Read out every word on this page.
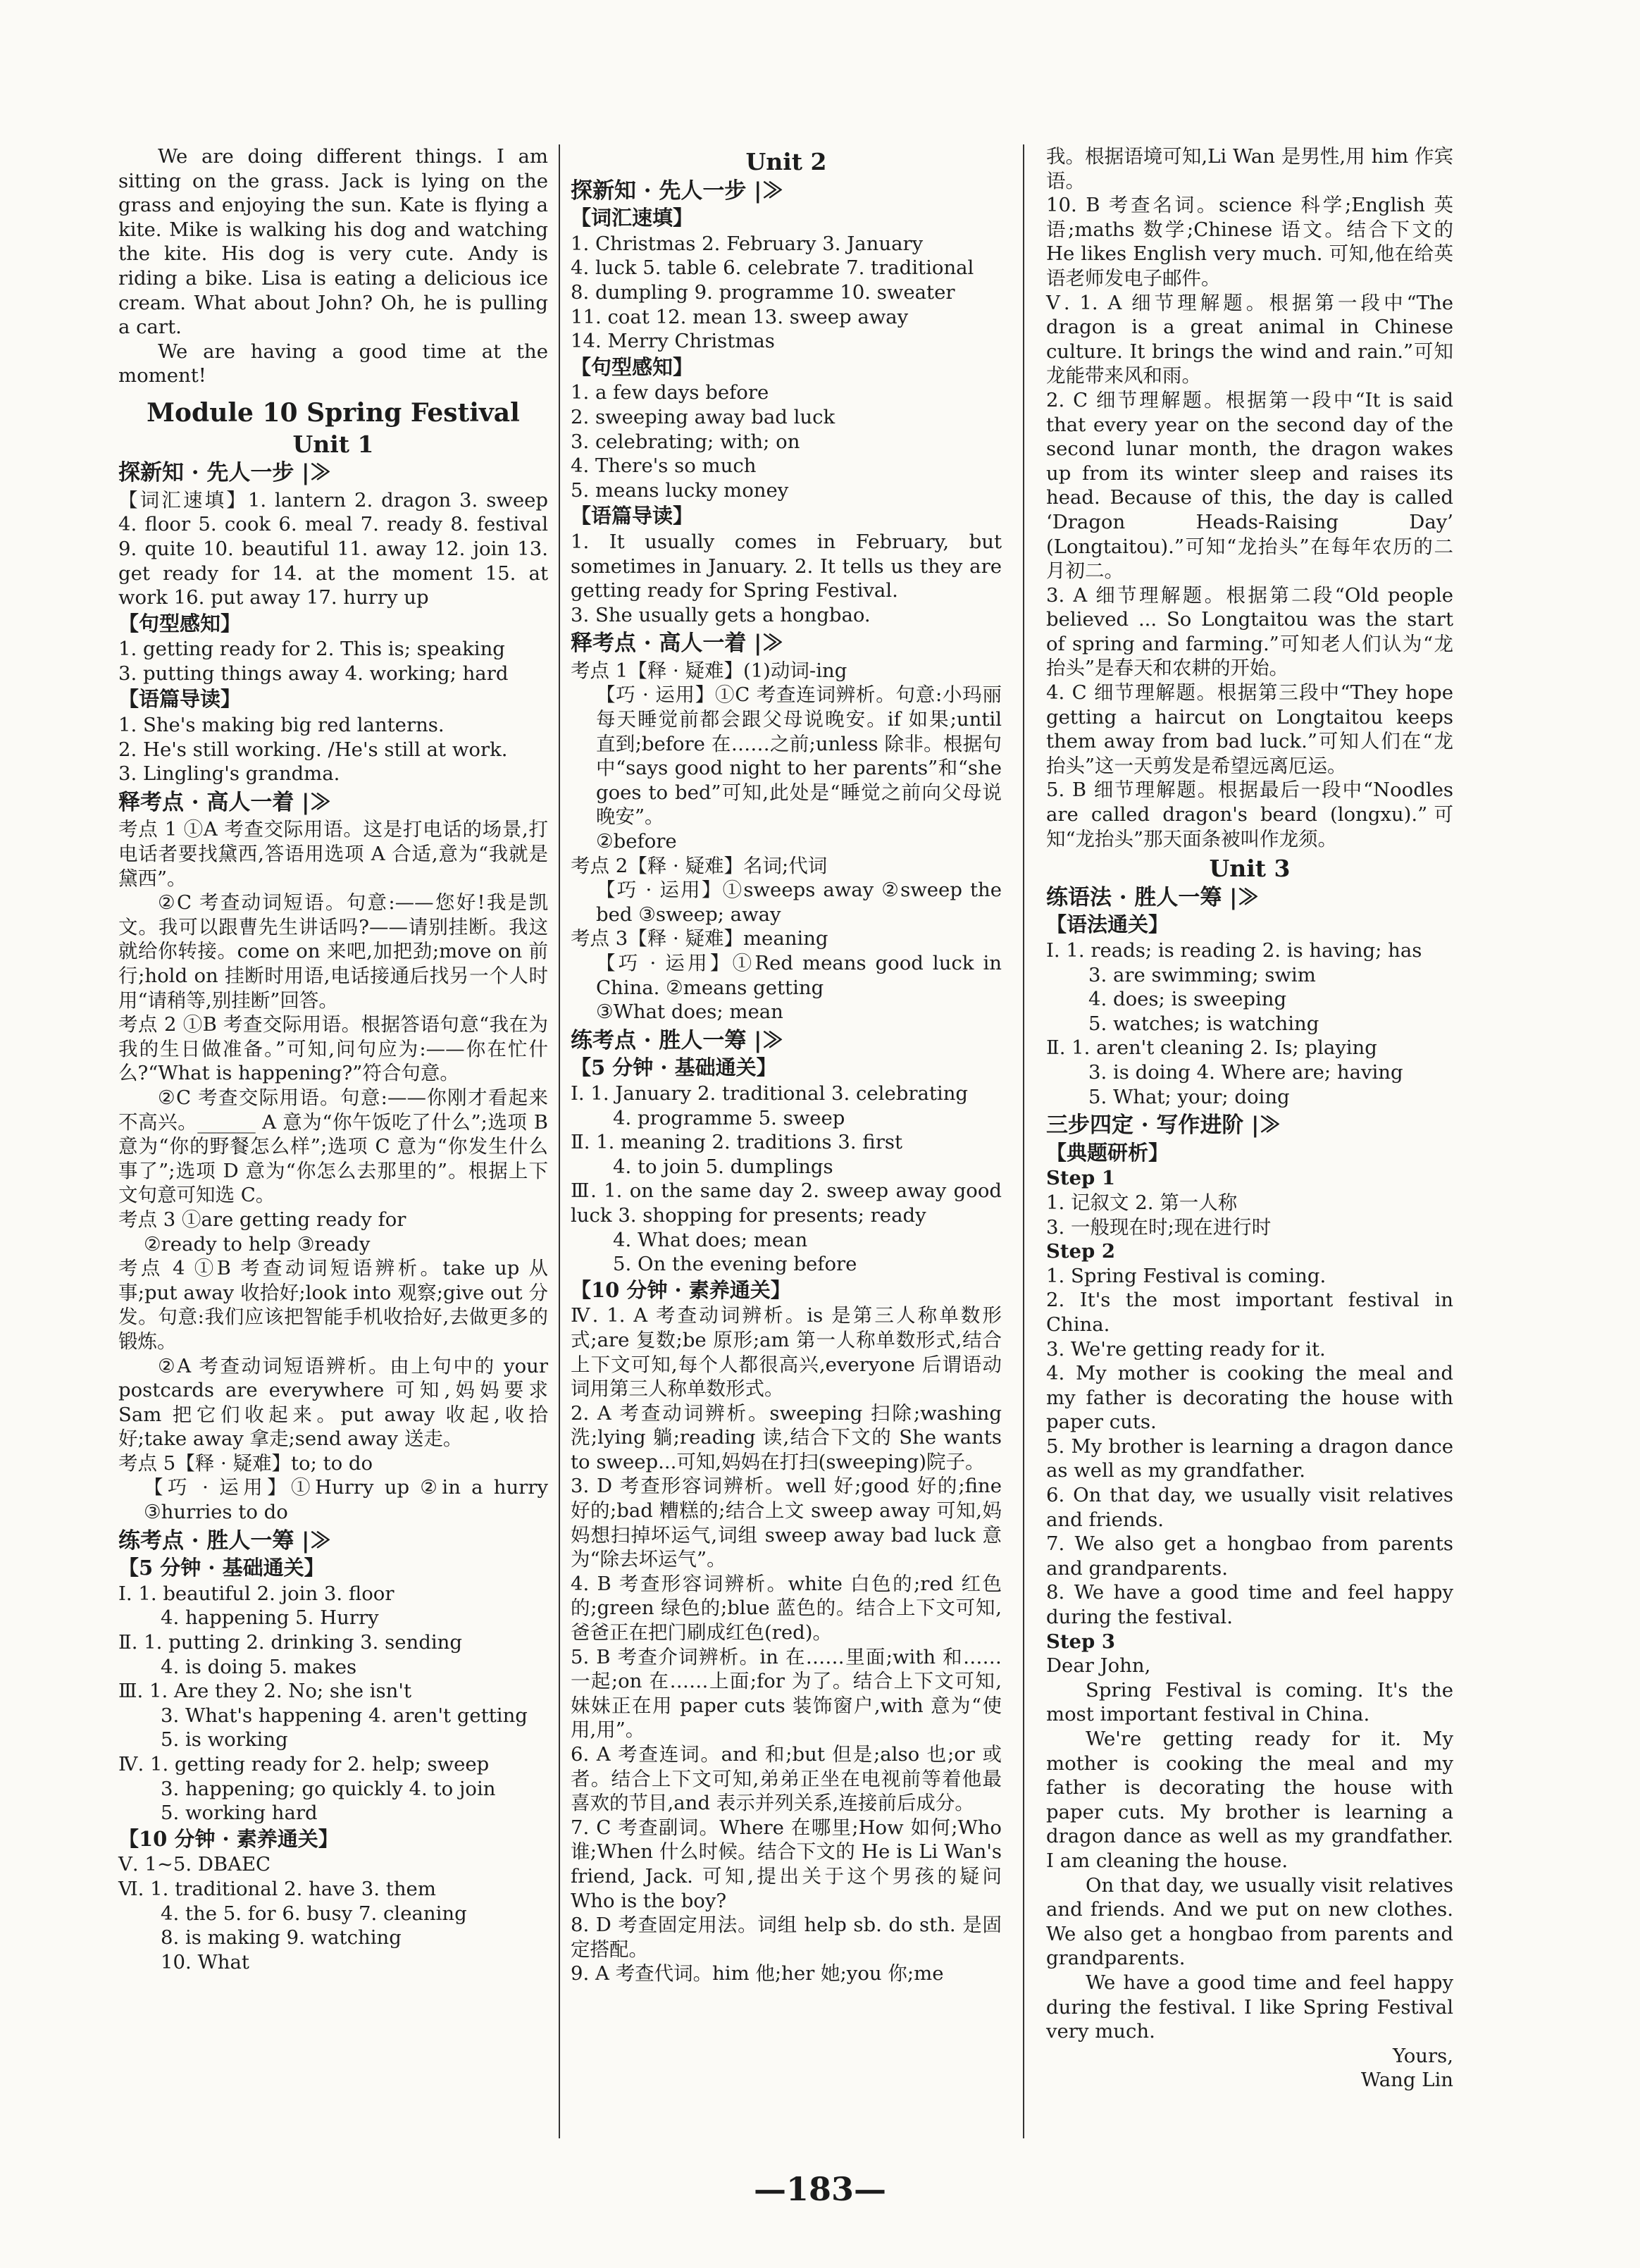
We are doing different things. I am sitting on the grass. Jack is lying on the grass and enjoying the sun. Kate is flying a kite. Mike is walking his dog and watching the kite. His dog is very cute. Andy is riding a bike. Lisa is eating a delicious ice cream. What about John? Oh, he is pulling a cart.
We are having a good time at the moment!
Module 10 Spring Festival
Unit 1
探新知 · 先人一步 |≫
【词汇速填】1. lantern 2. dragon 3. sweep 4. floor 5. cook 6. meal 7. ready 8. festival 9. quite 10. beautiful 11. away 12. join 13. get ready for 14. at the moment 15. at work 16. put away 17. hurry up
【句型感知】
1. getting ready for 2. This is; speaking
3. putting things away 4. working; hard
【语篇导读】
1. She's making big red lanterns.
2. He's still working. /He's still at work.
3. Lingling's grandma.
释考点 · 高人一着 |≫
考点 1 ①A 考查交际用语。这是打电话的场景,打电话者要找黛西,答语用选项 A 合适,意为“我就是黛西”。
②C 考查动词短语。句意:——您好!我是凯文。我可以跟曹先生讲话吗?——请别挂断。我这就给你转接。come on 来吧,加把劲;move on 前行;hold on 挂断时用语,电话接通后找另一个人时用“请稍等,别挂断”回答。
考点 2 ①B 考查交际用语。根据答语句意“我在为我的生日做准备。”可知,问句应为:——你在忙什么?“What is happening?”符合句意。
②C 考查交际用语。句意:——你刚才看起来不高兴。______ A 意为“你午饭吃了什么”;选项 B 意为“你的野餐怎么样”;选项 C 意为“你发生什么事了”;选项 D 意为“你怎么去那里的”。根据上下文句意可知选 C。
考点 3 ①are getting ready for
②ready to help ③ready
考点 4 ①B 考查动词短语辨析。take up 从事;put away 收拾好;look into 观察;give out 分发。句意:我们应该把智能手机收拾好,去做更多的锻炼。
②A 考查动词短语辨析。由上句中的 your postcards are everywhere 可知,妈妈要求 Sam 把它们收起来。put away 收起,收拾好;take away 拿走;send away 送走。
考点 5【释 · 疑难】to; to do
【巧 · 运用】①Hurry up ②in a hurry ③hurries to do
练考点 · 胜人一筹 |≫
【5 分钟 · 基础通关】
Ⅰ. 1. beautiful 2. join 3. floor
4. happening 5. Hurry
Ⅱ. 1. putting 2. drinking 3. sending
4. is doing 5. makes
Ⅲ. 1. Are they 2. No; she isn't
3. What's happening 4. aren't getting
5. is working
Ⅳ. 1. getting ready for 2. help; sweep
3. happening; go quickly 4. to join
5. working hard
【10 分钟 · 素养通关】
Ⅴ. 1~5. DBAEC
Ⅵ. 1. traditional 2. have 3. them
4. the 5. for 6. busy 7. cleaning
8. is making 9. watching
10. What
Unit 2
探新知 · 先人一步 |≫
【词汇速填】
1. Christmas 2. February 3. January
4. luck 5. table 6. celebrate 7. traditional
8. dumpling 9. programme 10. sweater
11. coat 12. mean 13. sweep away
14. Merry Christmas
【句型感知】
1. a few days before
2. sweeping away bad luck
3. celebrating; with; on
4. There's so much
5. means lucky money
【语篇导读】
1. It usually comes in February, but sometimes in January. 2. It tells us they are getting ready for Spring Festival.
3. She usually gets a hongbao.
释考点 · 高人一着 |≫
考点 1【释 · 疑难】(1)动词-ing
【巧 · 运用】①C 考查连词辨析。句意:小玛丽每天睡觉前都会跟父母说晚安。if 如果;until 直到;before 在……之前;unless 除非。根据句中“says good night to her parents”和“she goes to bed”可知,此处是“睡觉之前向父母说晚安”。
②before
考点 2【释 · 疑难】名词;代词
【巧 · 运用】①sweeps away ②sweep the bed ③sweep; away
考点 3【释 · 疑难】meaning
【巧 · 运用】①Red means good luck in China. ②means getting
③What does; mean
练考点 · 胜人一筹 |≫
【5 分钟 · 基础通关】
Ⅰ. 1. January 2. traditional 3. celebrating
4. programme 5. sweep
Ⅱ. 1. meaning 2. traditions 3. first
4. to join 5. dumplings
Ⅲ. 1. on the same day 2. sweep away good luck 3. shopping for presents; ready
4. What does; mean
5. On the evening before
【10 分钟 · 素养通关】
Ⅳ. 1. A 考查动词辨析。is 是第三人称单数形式;are 复数;be 原形;am 第一人称单数形式,结合上下文可知,每个人都很高兴,everyone 后谓语动词用第三人称单数形式。
2. A 考查动词辨析。sweeping 扫除;washing 洗;lying 躺;reading 读,结合下文的 She wants to sweep...可知,妈妈在打扫(sweeping)院子。
3. D 考查形容词辨析。well 好;good 好的;fine 好的;bad 糟糕的;结合上文 sweep away 可知,妈妈想扫掉坏运气,词组 sweep away bad luck 意为“除去坏运气”。
4. B 考查形容词辨析。white 白色的;red 红色的;green 绿色的;blue 蓝色的。结合上下文可知,爸爸正在把门刷成红色(red)。
5. B 考查介词辨析。in 在……里面;with 和……一起;on 在……上面;for 为了。结合上下文可知,妹妹正在用 paper cuts 装饰窗户,with 意为“使用,用”。
6. A 考查连词。and 和;but 但是;also 也;or 或者。结合上下文可知,弟弟正坐在电视前等着他最喜欢的节目,and 表示并列关系,连接前后成分。
7. C 考查副词。Where 在哪里;How 如何;Who 谁;When 什么时候。结合下文的 He is Li Wan's friend, Jack. 可知,提出关于这个男孩的疑问 Who is the boy?
8. D 考查固定用法。词组 help sb. do sth. 是固定搭配。
9. A 考查代词。him 他;her 她;you 你;me
我。根据语境可知,Li Wan 是男性,用 him 作宾语。
10. B 考查名词。science 科学;English 英语;maths 数学;Chinese 语文。结合下文的 He likes English very much. 可知,他在给英语老师发电子邮件。
Ⅴ. 1. A 细节理解题。根据第一段中“The dragon is a great animal in Chinese culture. It brings the wind and rain.”可知龙能带来风和雨。
2. C 细节理解题。根据第一段中“It is said that every year on the second day of the second lunar month, the dragon wakes up from its winter sleep and raises its head. Because of this, the day is called ‘Dragon Heads-Raising Day’ (Longtaitou).”可知“龙抬头”在每年农历的二月初二。
3. A 细节理解题。根据第二段“Old people believed ... So Longtaitou was the start of spring and farming.”可知老人们认为“龙抬头”是春天和农耕的开始。
4. C 细节理解题。根据第三段中“They hope getting a haircut on Longtaitou keeps them away from bad luck.”可知人们在“龙抬头”这一天剪发是希望远离厄运。
5. B 细节理解题。根据最后一段中“Noodles are called dragon's beard (longxu).”可知“龙抬头”那天面条被叫作龙须。
Unit 3
练语法 · 胜人一筹 |≫
【语法通关】
Ⅰ. 1. reads; is reading 2. is having; has
3. are swimming; swim
4. does; is sweeping
5. watches; is watching
Ⅱ. 1. aren't cleaning 2. Is; playing
3. is doing 4. Where are; having
5. What; your; doing
三步四定 · 写作进阶 |≫
【典题研析】
Step 1
1. 记叙文 2. 第一人称
3. 一般现在时;现在进行时
Step 2
1. Spring Festival is coming.
2. It's the most important festival in China.
3. We're getting ready for it.
4. My mother is cooking the meal and my father is decorating the house with paper cuts.
5. My brother is learning a dragon dance as well as my grandfather.
6. On that day, we usually visit relatives and friends.
7. We also get a hongbao from parents and grandparents.
8. We have a good time and feel happy during the festival.
Step 3
Dear John,
Spring Festival is coming. It's the most important festival in China.
We're getting ready for it. My mother is cooking the meal and my father is decorating the house with paper cuts. My brother is learning a dragon dance as well as my grandfather. I am cleaning the house.
On that day, we usually visit relatives and friends. And we put on new clothes. We also get a hongbao from parents and grandparents.
We have a good time and feel happy during the festival. I like Spring Festival very much.
Yours,
Wang Lin
—183—
